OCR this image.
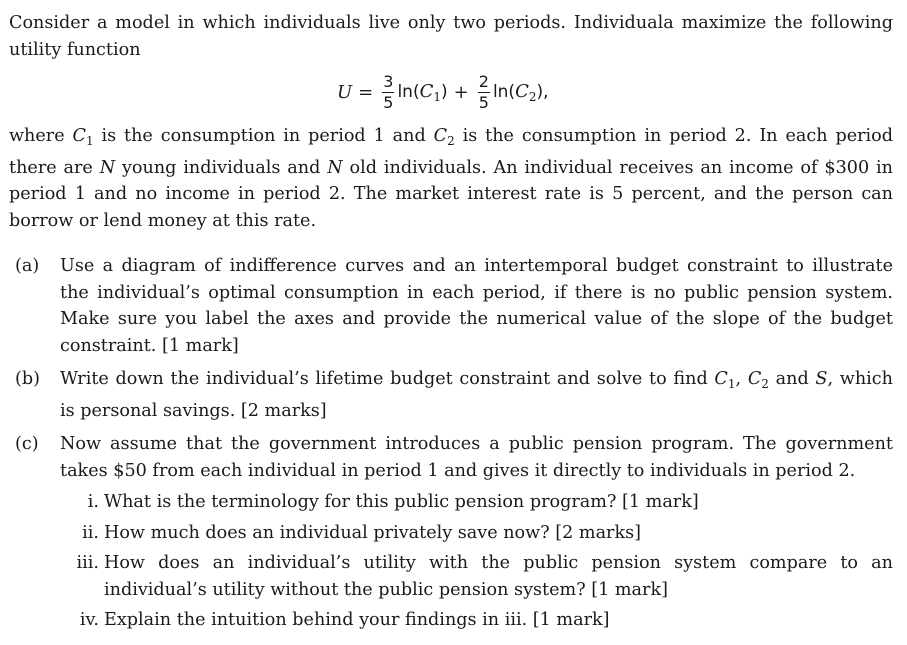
Consider a model in which individuals live only two periods. Individuala maximize the following utility function

$U = \frac{3}{5} \ln$( $C_1$ ) + $\frac{2}{5} \ln$( $C_2$ ),

where $C_1$ is the consumption in period 1 and $C_2$ is the consumption in period 2. In each period there are N young individuals and N old individuals. An individual receives an income of $300 in period 1 and no income in period 2. The market interest rate is 5 percent, and the person can borrow or lend money at this rate.

(a)	Use a diagram of indifference curves and an intertemporal budget constraint to illustrate the individual’s optimal consumption in each period, if there is no public pension system. Make sure you label the axes and provide the numerical value of the slope of the budget constraint. [1 mark]
(b)	Write down the individual’s lifetime budget constraint and solve to find $C_1$, $C_2$ and S, which is personal savings. [2 marks]
(c)	Now assume that the government introduces a public pension program. The government takes $50 from each individual in period 1 and gives it directly to individuals in period 2.
i. What is the terminology for this public pension program? [1 mark]
ii. How much does an individual privately save now? [2 marks]
iii. How does an individual’s utility with the public pension system compare to an individual’s utility without the public pension system? [1 mark]
iv. Explain the intuition behind your findings in iii. [1 mark]
